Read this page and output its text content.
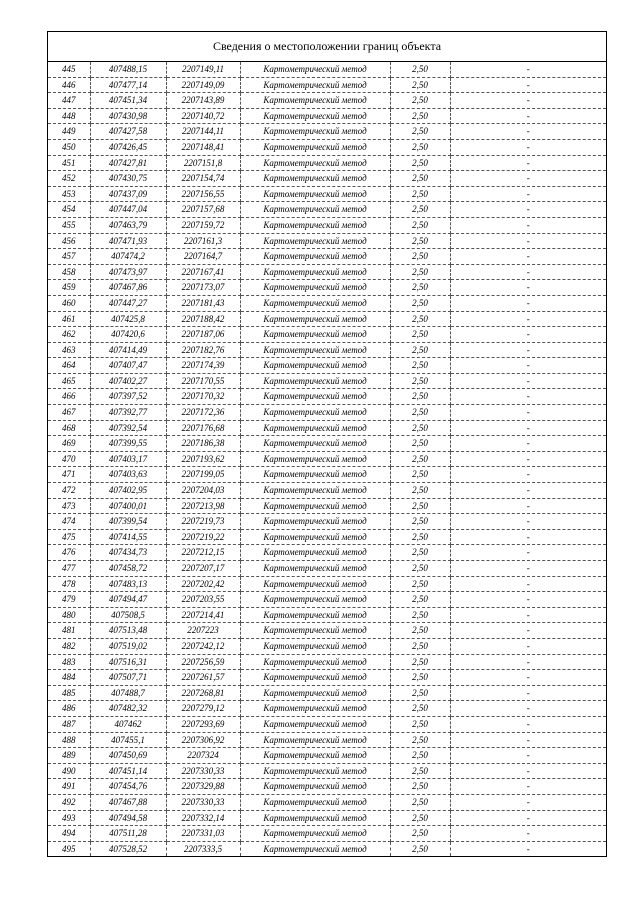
Сведения о местоположении границ объекта
445	407488,15	2207149,11	Картометрический метод	2,50	-
446	407477,14	2207149,09	Картометрический метод	2,50	-
447	407451,34	2207143,89	Картометрический метод	2,50	-
448	407430,98	2207140,72	Картометрический метод	2,50	-
449	407427,58	2207144,11	Картометрический метод	2,50	-
450	407426,45	2207148,41	Картометрический метод	2,50	-
451	407427,81	2207151,8	Картометрический метод	2,50	-
452	407430,75	2207154,74	Картометрический метод	2,50	-
453	407437,09	2207156,55	Картометрический метод	2,50	-
454	407447,04	2207157,68	Картометрический метод	2,50	-
455	407463,79	2207159,72	Картометрический метод	2,50	-
456	407471,93	2207161,3	Картометрический метод	2,50	-
457	407474,2	2207164,7	Картометрический метод	2,50	-
458	407473,97	2207167,41	Картометрический метод	2,50	-
459	407467,86	2207173,07	Картометрический метод	2,50	-
460	407447,27	2207181,43	Картометрический метод	2,50	-
461	407425,8	2207188,42	Картометрический метод	2,50	-
462	407420,6	2207187,06	Картометрический метод	2,50	-
463	407414,49	2207182,76	Картометрический метод	2,50	-
464	407407,47	2207174,39	Картометрический метод	2,50	-
465	407402,27	2207170,55	Картометрический метод	2,50	-
466	407397,52	2207170,32	Картометрический метод	2,50	-
467	407392,77	2207172,36	Картометрический метод	2,50	-
468	407392,54	2207176,68	Картометрический метод	2,50	-
469	407399,55	2207186,38	Картометрический метод	2,50	-
470	407403,17	2207193,62	Картометрический метод	2,50	-
471	407403,63	2207199,05	Картометрический метод	2,50	-
472	407402,95	2207204,03	Картометрический метод	2,50	-
473	407400,01	2207213,98	Картометрический метод	2,50	-
474	407399,54	2207219,73	Картометрический метод	2,50	-
475	407414,55	2207219,22	Картометрический метод	2,50	-
476	407434,73	2207212,15	Картометрический метод	2,50	-
477	407458,72	2207207,17	Картометрический метод	2,50	-
478	407483,13	2207202,42	Картометрический метод	2,50	-
479	407494,47	2207203,55	Картометрический метод	2,50	-
480	407508,5	2207214,41	Картометрический метод	2,50	-
481	407513,48	2207223	Картометрический метод	2,50	-
482	407519,02	2207242,12	Картометрический метод	2,50	-
483	407516,31	2207256,59	Картометрический метод	2,50	-
484	407507,71	2207261,57	Картометрический метод	2,50	-
485	407488,7	2207268,81	Картометрический метод	2,50	-
486	407482,32	2207279,12	Картометрический метод	2,50	-
487	407462	2207293,69	Картометрический метод	2,50	-
488	407455,1	2207306,92	Картометрический метод	2,50	-
489	407450,69	2207324	Картометрический метод	2,50	-
490	407451,14	2207330,33	Картометрический метод	2,50	-
491	407454,76	2207329,88	Картометрический метод	2,50	-
492	407467,88	2207330,33	Картометрический метод	2,50	-
493	407494,58	2207332,14	Картометрический метод	2,50	-
494	407511,28	2207331,03	Картометрический метод	2,50	-
495	407528,52	2207333,5	Картометрический метод	2,50	-
